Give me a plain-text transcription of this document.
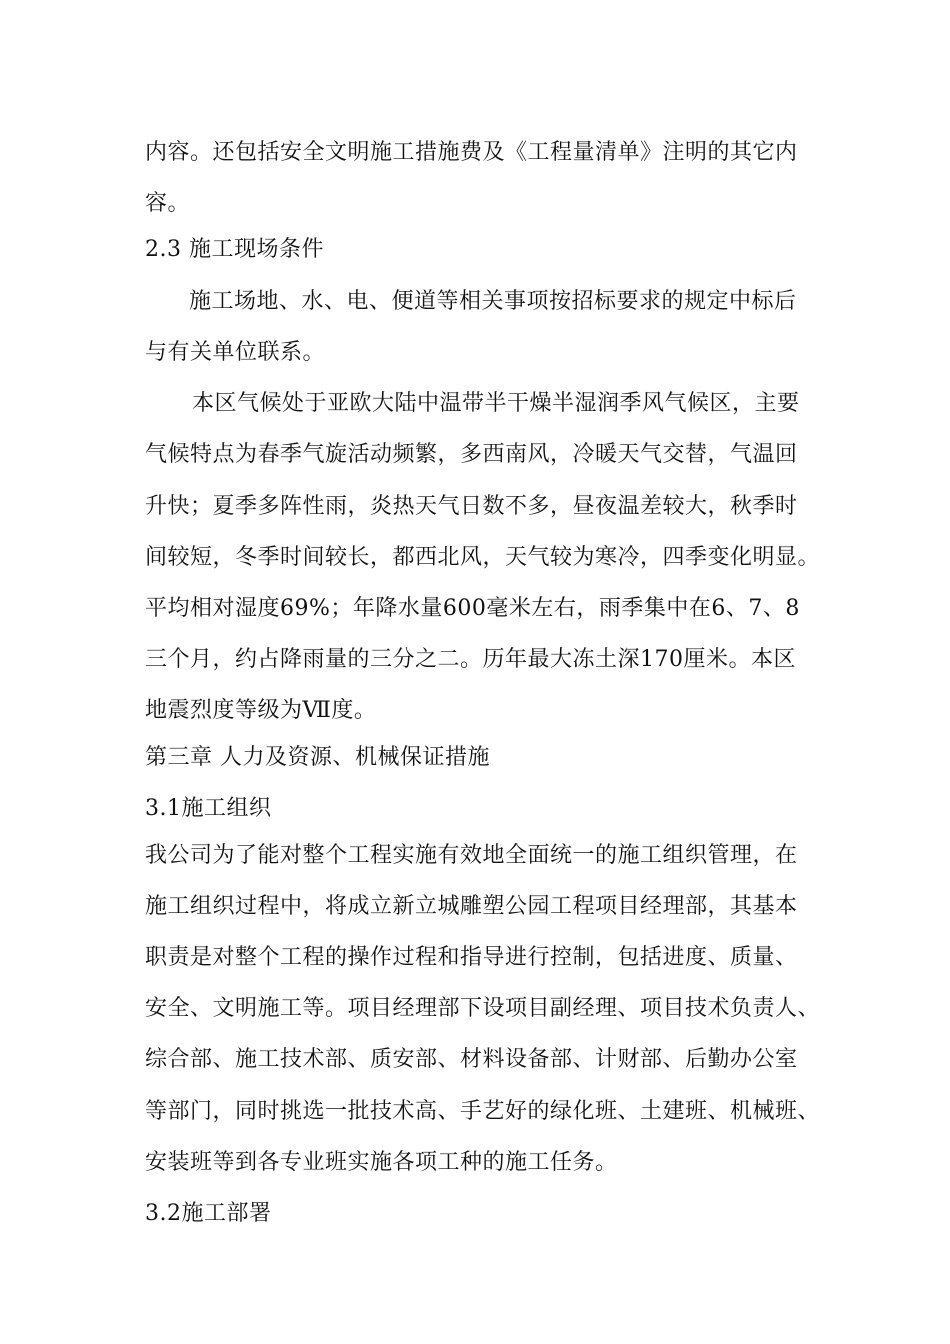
内容。还包括安全文明施工措施费及《工程量清单》注明的其它内
容。
2.3 施工现场条件
施工场地、水、电、便道等相关事项按招标要求的规定中标后
与有关单位联系。
本区气候处于亚欧大陆中温带半干燥半湿润季风气候区，主要
气候特点为春季气旋活动频繁，多西南风，冷暖天气交替，气温回
升快；夏季多阵性雨，炎热天气日数不多，昼夜温差较大，秋季时
间较短，冬季时间较长，都西北风，天气较为寒冷，四季变化明显。
平均相对湿度69%；年降水量600毫米左右，雨季集中在6、7、8
三个月，约占降雨量的三分之二。历年最大冻土深170厘米。本区
地震烈度等级为Ⅶ度。
第三章 人力及资源、机械保证措施
3.1施工组织
我公司为了能对整个工程实施有效地全面统一的施工组织管理，在
施工组织过程中，将成立新立城雕塑公园工程项目经理部，其基本
职责是对整个工程的操作过程和指导进行控制，包括进度、质量、
安全、文明施工等。项目经理部下设项目副经理、项目技术负责人、
综合部、施工技术部、质安部、材料设备部、计财部、后勤办公室
等部门，同时挑选一批技术高、手艺好的绿化班、土建班、机械班、
安装班等到各专业班实施各项工种的施工任务。
3.2施工部署
